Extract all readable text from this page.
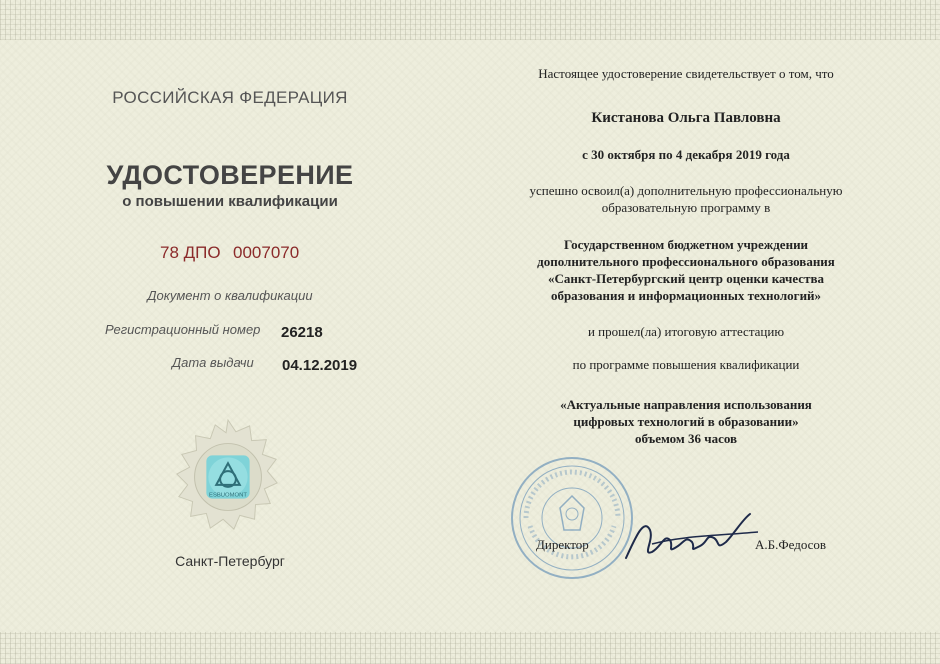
РОССИЙСКАЯ ФЕДЕРАЦИЯ
УДОСТОВЕРЕНИЕ
о повышении квалификации
78 ДПО 0007070
Документ о квалификации
Регистрационный номер 26218
Дата выдачи 04.12.2019
ESBUOMONT
Санкт-Петербург
Настоящее удостоверение свидетельствует о том, что
Кистанова Ольга Павловна
с 30 октября по 4 декабря 2019 года
успешно освоил(а) дополнительную профессиональную
образовательную программу в
Государственном бюджетном учреждении
дополнительного профессионального образования
«Санкт-Петербургский центр оценки качества
образования и информационных технологий»
и прошел(ла) итоговую аттестацию
по программе повышения квалификации
«Актуальные направления использования
цифровых технологий в образовании»
объемом 36 часов
Директор	А.Б.Федосов
